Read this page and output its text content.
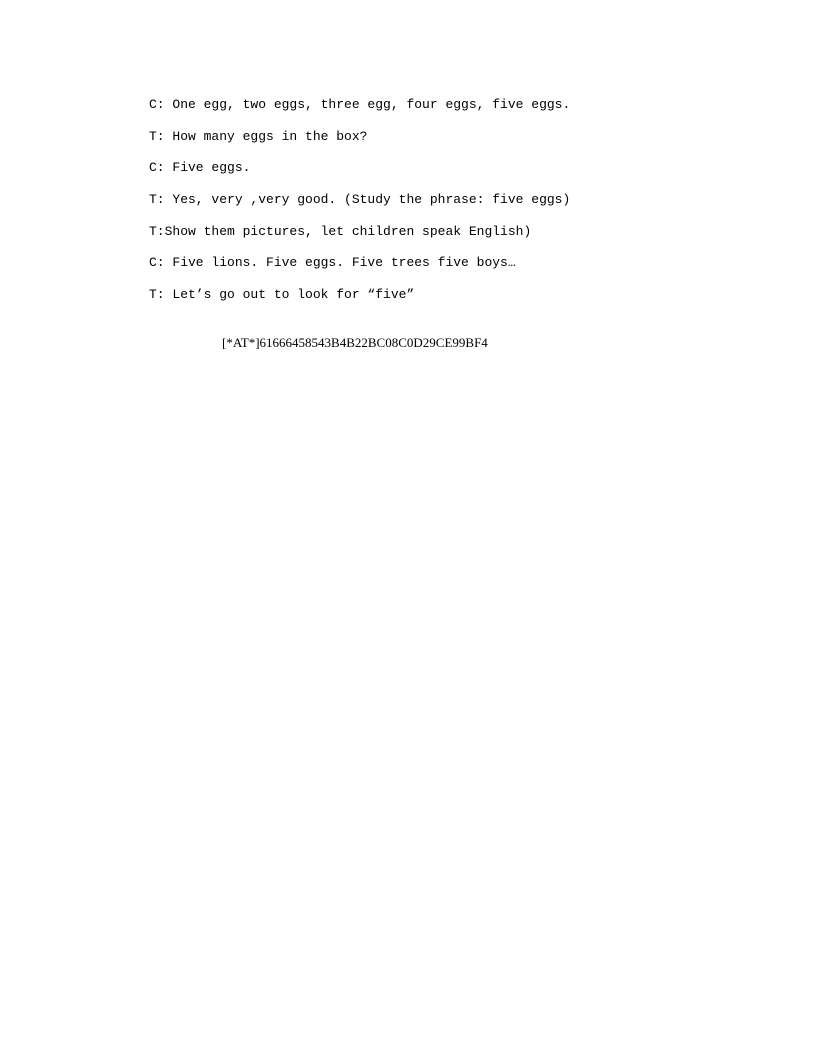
C: One egg, two eggs, three egg, four eggs, five eggs.
T: How many eggs in the box?
C: Five eggs.
T: Yes, very ,very good. (Study the phrase: five eggs)
T:Show them pictures, let children speak English)
C: Five lions. Five eggs. Five trees five boys…
T: Let’s go out to look for “five”
[*AT*]61666458543B4B22BC08C0D29CE99BF4
